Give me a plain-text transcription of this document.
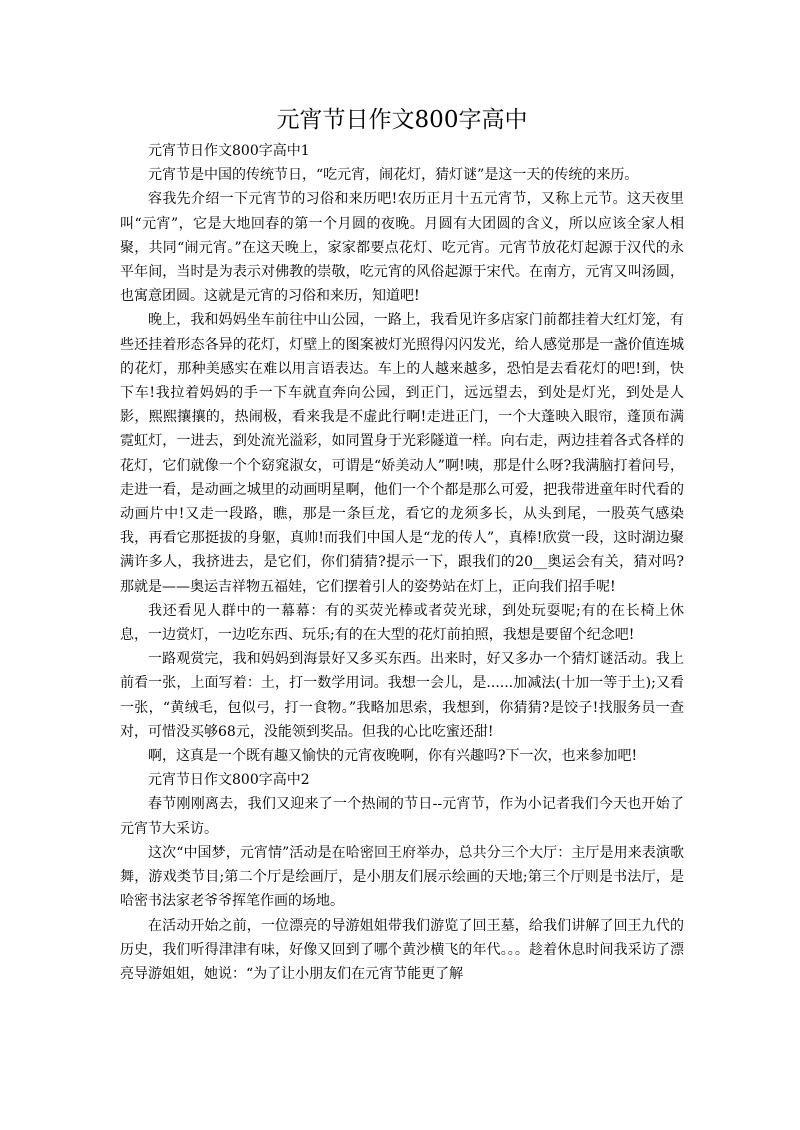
元宵节日作文800字高中

元宵节日作文800字高中1

元宵节是中国的传统节日，“吃元宵，闹花灯，猜灯谜”是这一天的传统的来历。

容我先介绍一下元宵节的习俗和来历吧!农历正月十五元宵节，又称上元节。这天夜里叫“元宵”，它是大地回春的第一个月圆的夜晚。月圆有大团圆的含义，所以应该全家人相聚，共同“闹元宵。”在这天晚上，家家都要点花灯、吃元宵。元宵节放花灯起源于汉代的永平年间，当时是为表示对佛教的崇敬，吃元宵的风俗起源于宋代。在南方，元宵又叫汤圆，也寓意团圆。这就是元宵的习俗和来历，知道吧!

晚上，我和妈妈坐车前往中山公园，一路上，我看见许多店家门前都挂着大红灯笼，有些还挂着形态各异的花灯，灯壁上的图案被灯光照得闪闪发光，给人感觉那是一盏价值连城的花灯，那种美感实在难以用言语表达。车上的人越来越多，恐怕是去看花灯的吧!到，快下车!我拉着妈妈的手一下车就直奔向公园，到正门，远远望去，到处是灯光，到处是人影，熙熙攘攘的，热闹极，看来我是不虚此行啊!走进正门，一个大蓬映入眼帘，蓬顶布满霓虹灯，一进去，到处流光溢彩，如同置身于光彩隧道一样。向右走，两边挂着各式各样的花灯，它们就像一个个窈窕淑女，可谓是“娇美动人”啊!咦，那是什么呀?我满脑打着问号，走进一看，是动画之城里的动画明星啊，他们一个个都是那么可爱，把我带进童年时代看的动画片中!又走一段路，瞧，那是一条巨龙，看它的龙须多长，从头到尾，一股英气感染我，再看它那挺拔的身躯，真帅!而我们中国人是“龙的传人”，真棒!欣赏一段，这时湖边聚满许多人，我挤进去，是它们，你们猜猜?提示一下，跟我们的20__奥运会有关，猜对吗?那就是——奥运吉祥物五福娃，它们摆着引人的姿势站在灯上，正向我们招手呢!

我还看见人群中的一幕幕：有的买荧光棒或者荧光球，到处玩耍呢;有的在长椅上休息，一边赏灯，一边吃东西、玩乐;有的在大型的花灯前拍照，我想是要留个纪念吧!

一路观赏完，我和妈妈到海景好又多买东西。出来时，好又多办一个猜灯谜活动。我上前看一张，上面写着：土，打一数学用词。我想一会儿，是......加减法(十加一等于土);又看一张，“黄绒毛，包似弓，打一食物。”我略加思索，我想到，你猜猜?是饺子!找服务员一查对，可惜没买够68元，没能领到奖品。但我的心比吃蜜还甜!

啊，这真是一个既有趣又愉快的元宵夜晚啊，你有兴趣吗?下一次，也来参加吧!

元宵节日作文800字高中2

春节刚刚离去，我们又迎来了一个热闹的节日--元宵节，作为小记者我们今天也开始了元宵节大采访。

这次“中国梦，元宵情”活动是在哈密回王府举办，总共分三个大厅：主厅是用来表演歌舞，游戏类节目;第二个厅是绘画厅，是小朋友们展示绘画的天地;第三个厅则是书法厅，是哈密书法家老爷爷挥笔作画的场地。

在活动开始之前，一位漂亮的导游姐姐带我们游览了回王墓，给我们讲解了回王九代的历史，我们听得津津有味，好像又回到了哪个黄沙横飞的年代。。。趁着休息时间我采访了漂亮导游姐姐，她说：“为了让小朋友们在元宵节能更了解
